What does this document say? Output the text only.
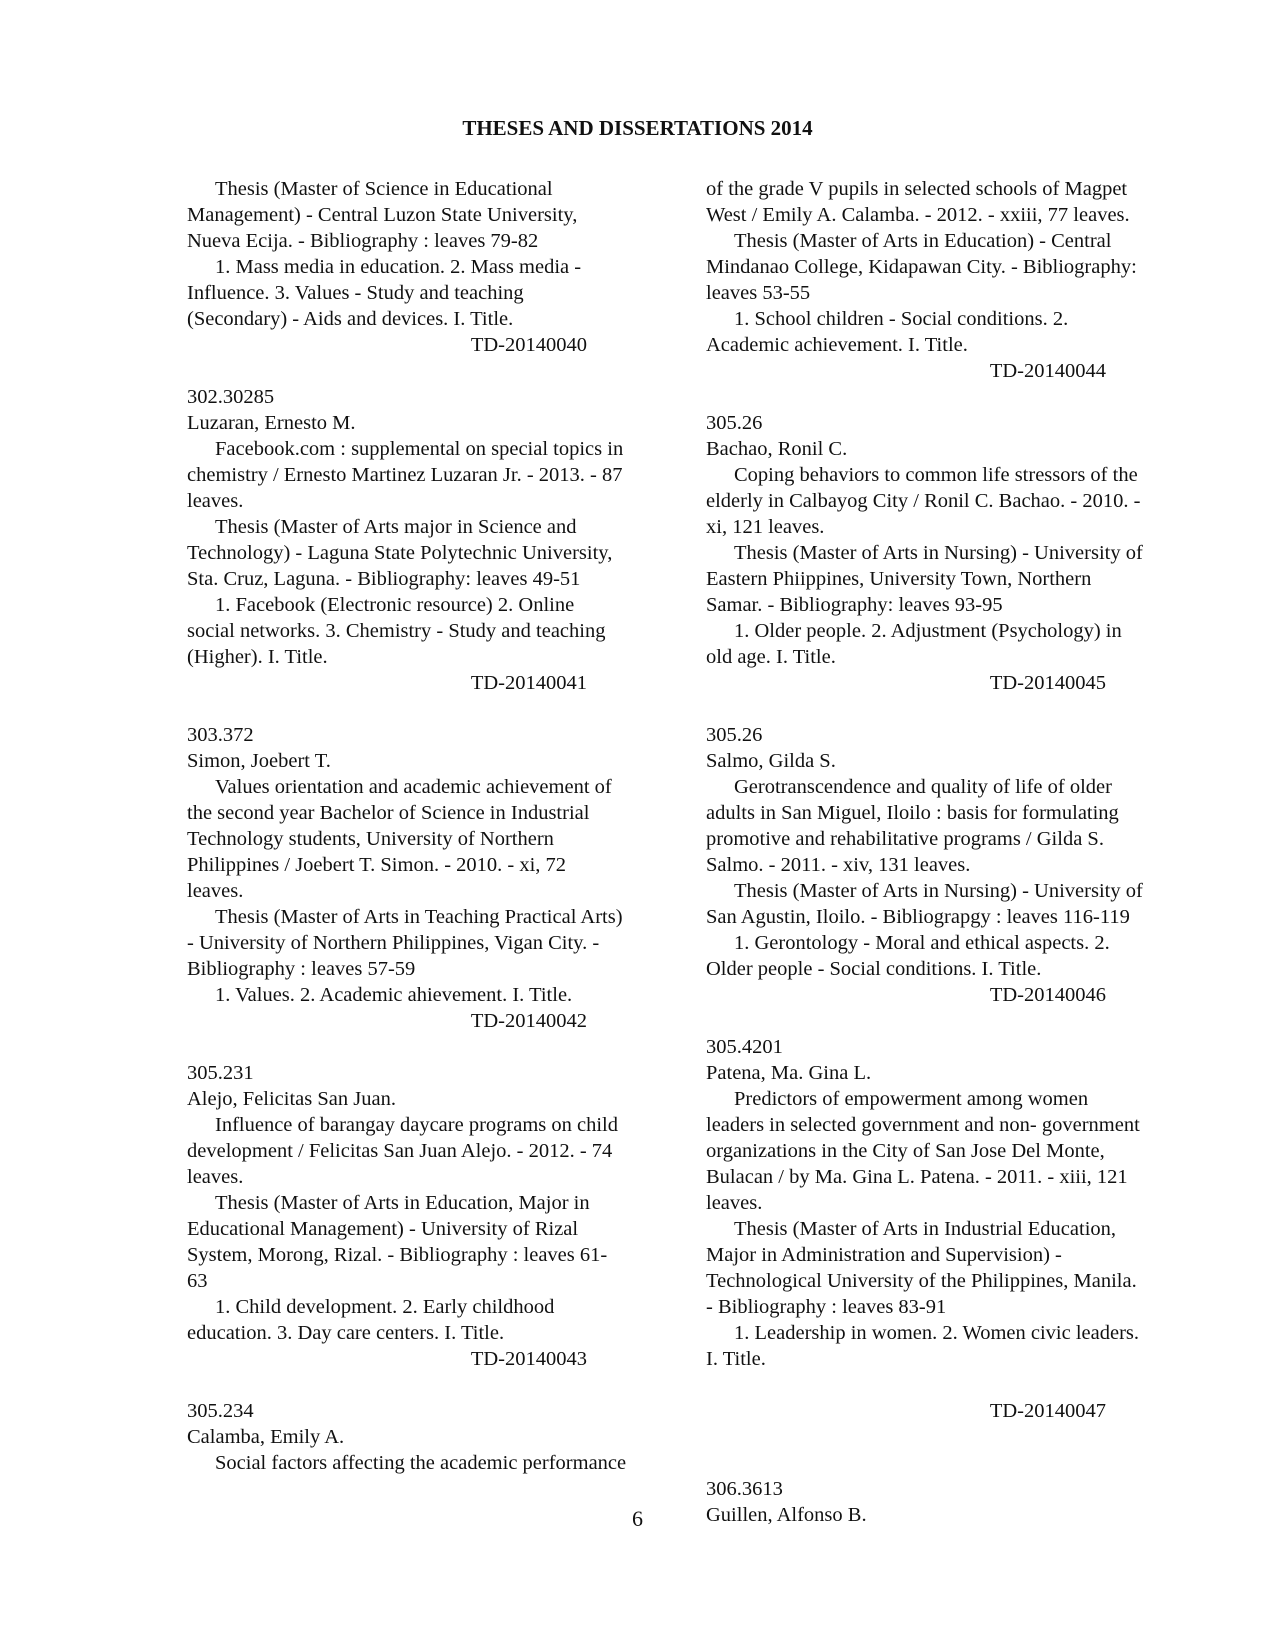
THESES AND DISSERTATIONS 2014
Thesis (Master of Science in Educational
Management) - Central Luzon State University,
Nueva Ecija. - Bibliography : leaves 79-82
1. Mass media in education. 2. Mass media -
Influence. 3. Values - Study and teaching
(Secondary) - Aids and devices. I. Title.
TD-20140040
302.30285
Luzaran, Ernesto M.
Facebook.com : supplemental on special topics in
chemistry / Ernesto Martinez Luzaran Jr. - 2013. - 87
leaves.
Thesis (Master of Arts major in Science and
Technology) - Laguna State Polytechnic University,
Sta. Cruz, Laguna. - Bibliography: leaves 49-51
1. Facebook (Electronic resource) 2. Online
social networks. 3. Chemistry - Study and teaching
(Higher). I. Title.
TD-20140041
303.372
Simon, Joebert T.
Values orientation and academic achievement of
the second year Bachelor of Science in Industrial
Technology students, University of Northern
Philippines / Joebert T. Simon. - 2010. - xi, 72
leaves.
Thesis (Master of Arts in Teaching Practical Arts)
- University of Northern Philippines, Vigan City. -
Bibliography : leaves 57-59
1. Values. 2. Academic ahievement. I. Title.
TD-20140042
305.231
Alejo, Felicitas San Juan.
Influence of barangay daycare programs on child
development / Felicitas San Juan Alejo. - 2012. - 74
leaves.
Thesis (Master of Arts in Education, Major in
Educational Management) - University of Rizal
System, Morong, Rizal. - Bibliography : leaves 61-
63
1. Child development. 2. Early childhood
education. 3. Day care centers. I. Title.
TD-20140043
305.234
Calamba, Emily A.
Social factors affecting the academic performance
of the grade V pupils in selected schools of Magpet
West / Emily A. Calamba. - 2012. - xxiii, 77 leaves.
Thesis (Master of Arts in Education) - Central
Mindanao College, Kidapawan City. - Bibliography:
leaves 53-55
1. School children - Social conditions. 2.
Academic achievement. I. Title.
TD-20140044
305.26
Bachao, Ronil C.
Coping behaviors to common life stressors of the
elderly in Calbayog City / Ronil C. Bachao. - 2010. -
xi, 121 leaves.
Thesis (Master of Arts in Nursing) - University of
Eastern Phiippines, University Town, Northern
Samar. - Bibliography: leaves 93-95
1. Older people. 2. Adjustment (Psychology) in
old age. I. Title.
TD-20140045
305.26
Salmo, Gilda S.
Gerotranscendence and quality of life of older
adults in San Miguel, Iloilo : basis for formulating
promotive and rehabilitative programs / Gilda S.
Salmo. - 2011. - xiv, 131 leaves.
Thesis (Master of Arts in Nursing) - University of
San Agustin, Iloilo. - Bibliograpgy : leaves 116-119
1. Gerontology - Moral and ethical aspects. 2.
Older people - Social conditions. I. Title.
TD-20140046
305.4201
Patena, Ma. Gina L.
Predictors of empowerment among women
leaders in selected government and non- government
organizations in the City of San Jose Del Monte,
Bulacan / by Ma. Gina L. Patena. - 2011. - xiii, 121
leaves.
Thesis (Master of Arts in Industrial Education,
Major in Administration and Supervision) -
Technological University of the Philippines, Manila.
- Bibliography : leaves 83-91
1. Leadership in women. 2. Women civic leaders.
I. Title.
TD-20140047
306.3613
Guillen, Alfonso B.
6
